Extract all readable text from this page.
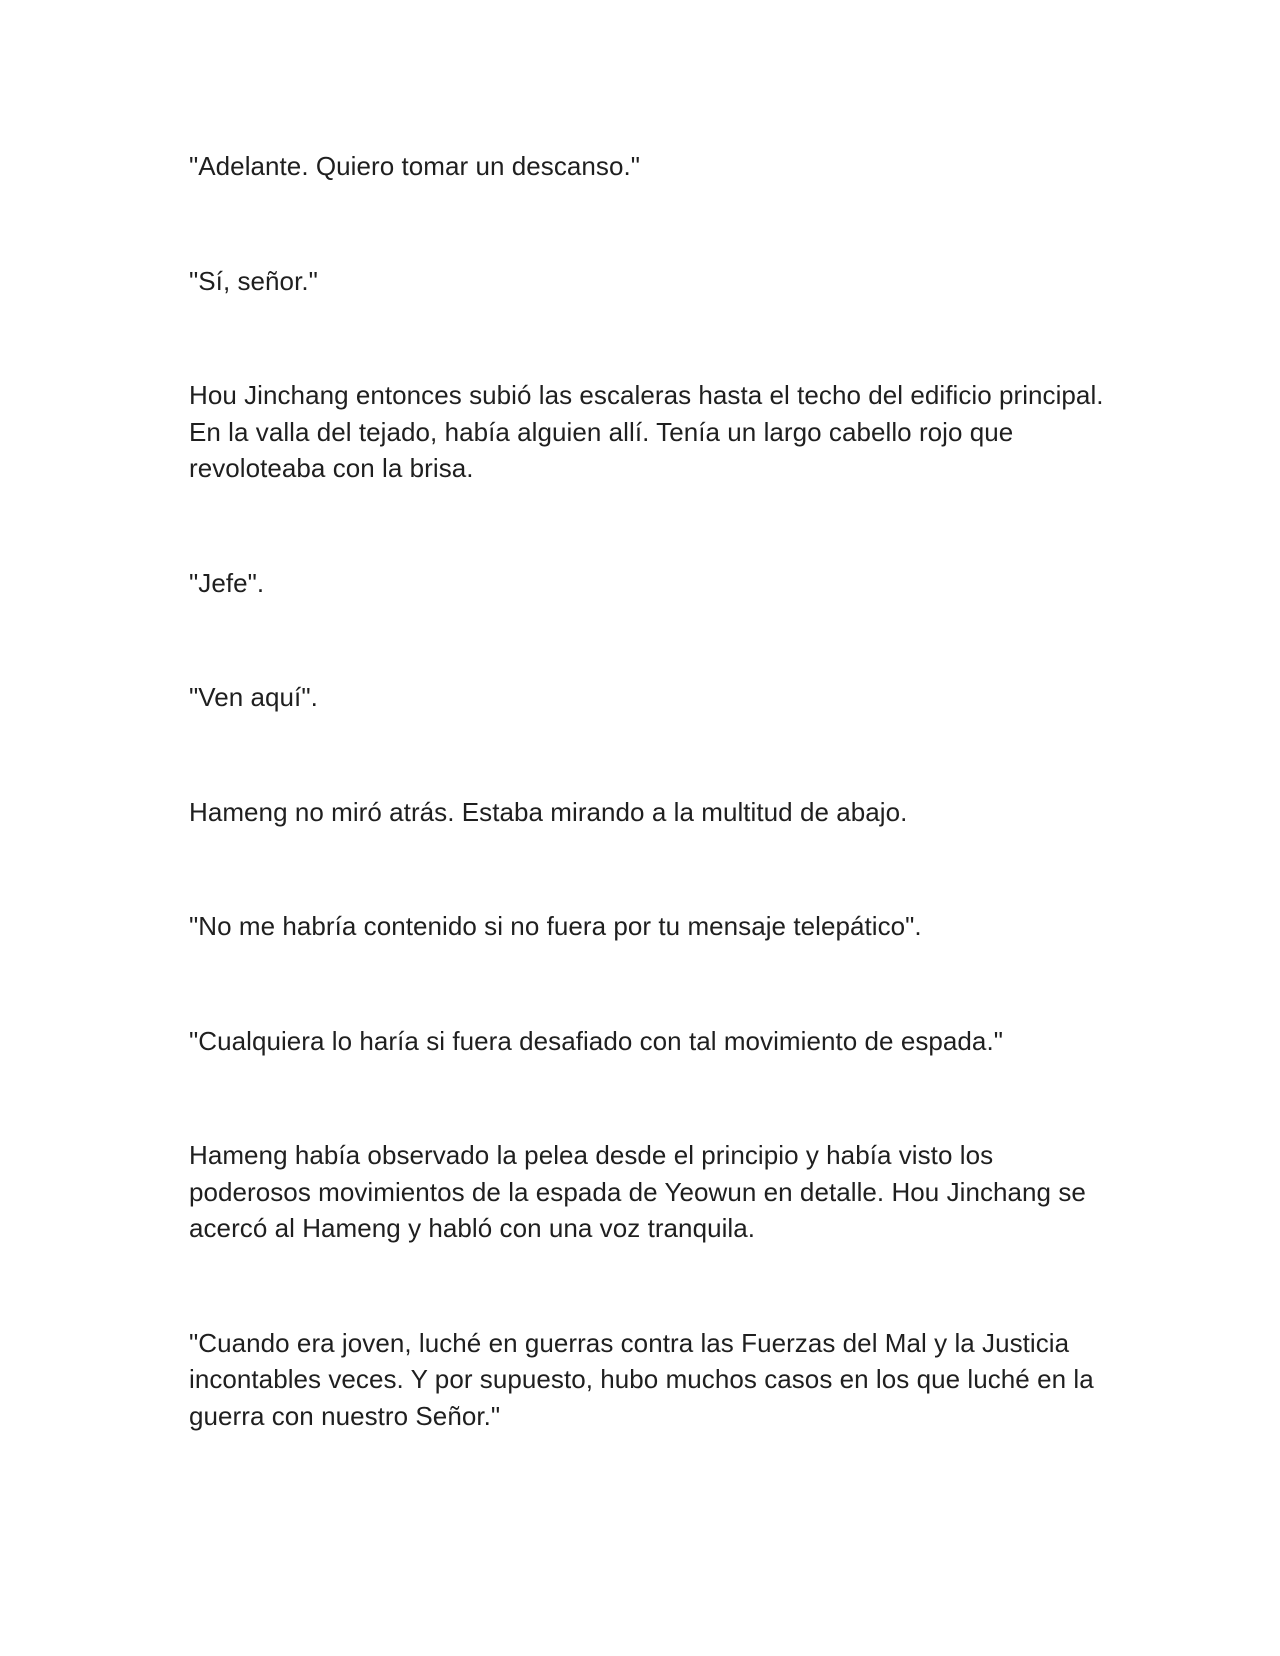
"Adelante. Quiero tomar un descanso."

"Sí, señor."

Hou Jinchang entonces subió las escaleras hasta el techo del edificio principal. En la valla del tejado, había alguien allí. Tenía un largo cabello rojo que revoloteaba con la brisa.

"Jefe".

"Ven aquí".

Hameng no miró atrás. Estaba mirando a la multitud de abajo.

"No me habría contenido si no fuera por tu mensaje telepático".

"Cualquiera lo haría si fuera desafiado con tal movimiento de espada."

Hameng había observado la pelea desde el principio y había visto los poderosos movimientos de la espada de Yeowun en detalle. Hou Jinchang se acercó al Hameng y habló con una voz tranquila.

"Cuando era joven, luché en guerras contra las Fuerzas del Mal y la Justicia incontables veces. Y por supuesto, hubo muchos casos en los que luché en la guerra con nuestro Señor."
